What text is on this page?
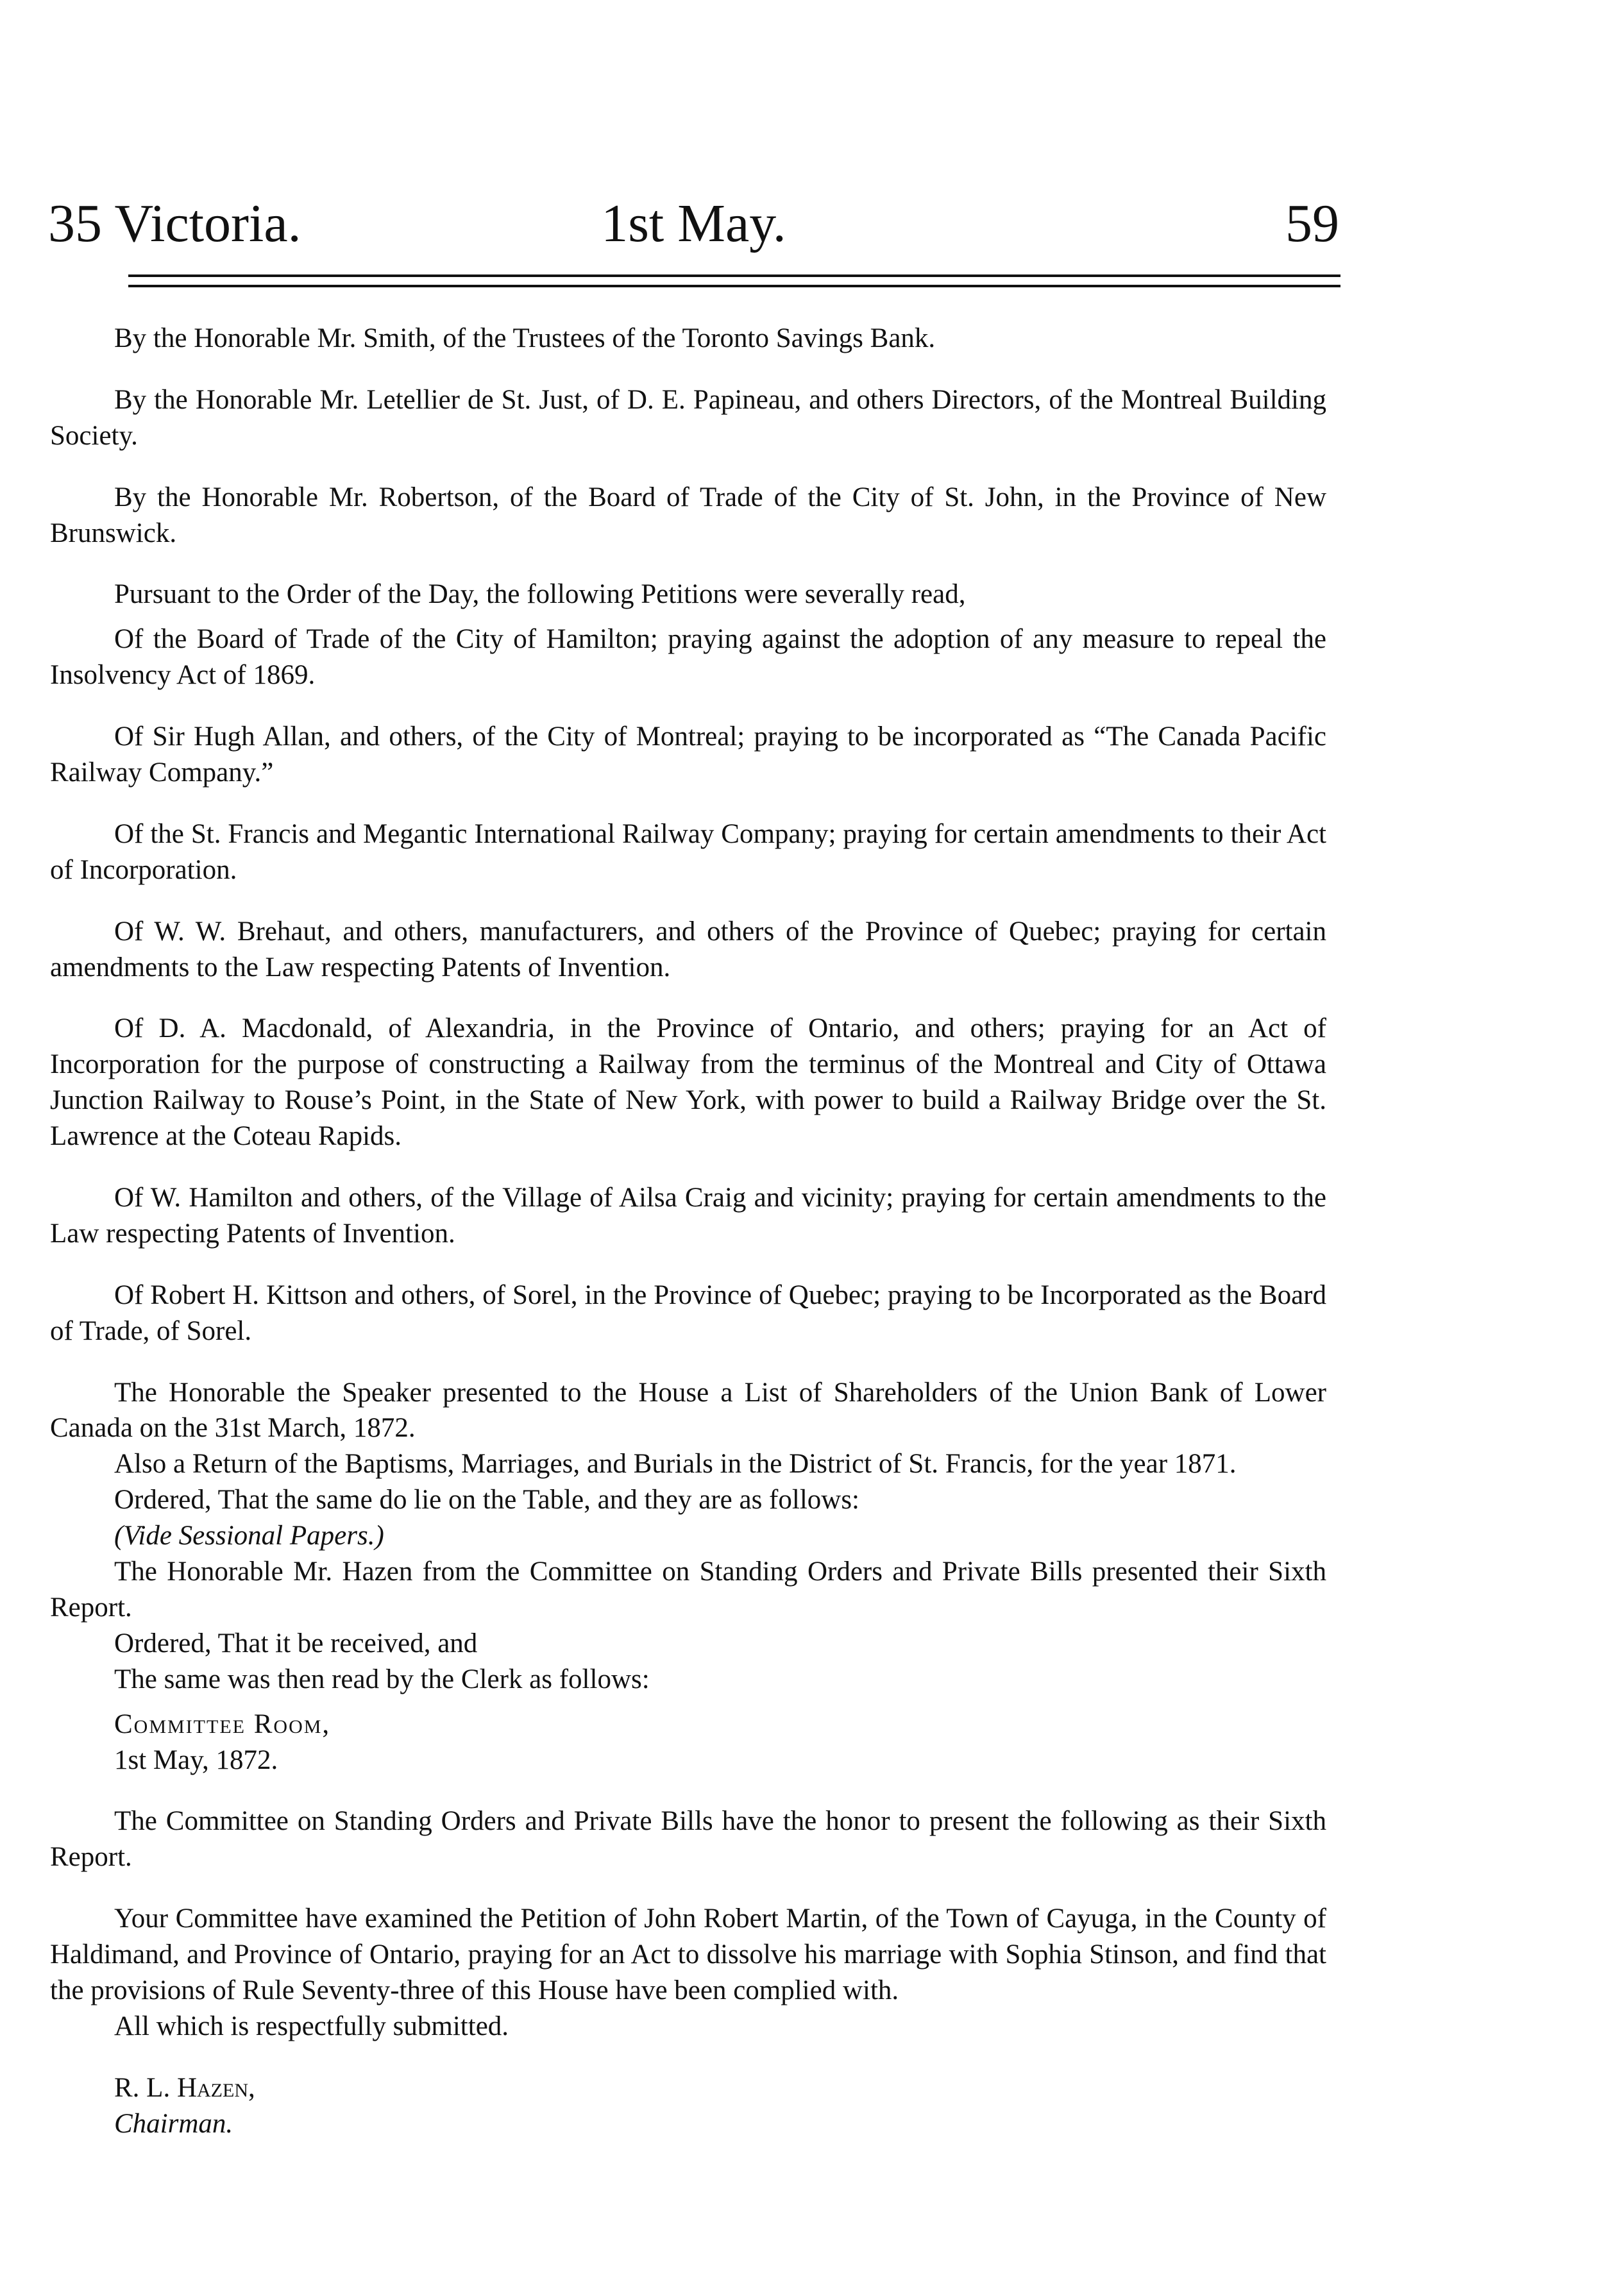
35 Victoria.	1st May.	59

By the Honorable Mr. Smith, of the Trustees of the Toronto Savings Bank.

By the Honorable Mr. Letellier de St. Just, of D. E. Papineau, and others Directors, of the Montreal Building Society.

By the Honorable Mr. Robertson, of the Board of Trade of the City of St. John, in the Province of New Brunswick.

Pursuant to the Order of the Day, the following Petitions were severally read,

Of the Board of Trade of the City of Hamilton; praying against the adoption of any measure to repeal the Insolvency Act of 1869.

Of Sir Hugh Allan, and others, of the City of Montreal; praying to be incorporated as “The Canada Pacific Railway Company.”

Of the St. Francis and Megantic International Railway Company; praying for certain amendments to their Act of Incorporation.

Of W. W. Brehaut, and others, manufacturers, and others of the Province of Quebec; praying for certain amendments to the Law respecting Patents of Invention.

Of D. A. Macdonald, of Alexandria, in the Province of Ontario, and others; praying for an Act of Incorporation for the purpose of constructing a Railway from the terminus of the Montreal and City of Ottawa Junction Railway to Rouse’s Point, in the State of New York, with power to build a Railway Bridge over the St. Lawrence at the Coteau Rapids.

Of W. Hamilton and others, of the Village of Ailsa Craig and vicinity; praying for certain amendments to the Law respecting Patents of Invention.

Of Robert H. Kittson and others, of Sorel, in the Province of Quebec; praying to be Incorporated as the Board of Trade, of Sorel.

The Honorable the Speaker presented to the House a List of Shareholders of the Union Bank of Lower Canada on the 31st March, 1872.

Also a Return of the Baptisms, Marriages, and Burials in the District of St. Francis, for the year 1871.

Ordered, That the same do lie on the Table, and they are as follows:

(Vide Sessional Papers.)

The Honorable Mr. Hazen from the Committee on Standing Orders and Private Bills presented their Sixth Report.

Ordered, That it be received, and

The same was then read by the Clerk as follows:

Committee Room,

1st May, 1872.

The Committee on Standing Orders and Private Bills have the honor to present the following as their Sixth Report.

Your Committee have examined the Petition of John Robert Martin, of the Town of Cayuga, in the County of Haldimand, and Province of Ontario, praying for an Act to dissolve his marriage with Sophia Stinson, and find that the provisions of Rule Seventy-three of this House have been complied with.

All which is respectfully submitted.

R. L. Hazen,

Chairman.
